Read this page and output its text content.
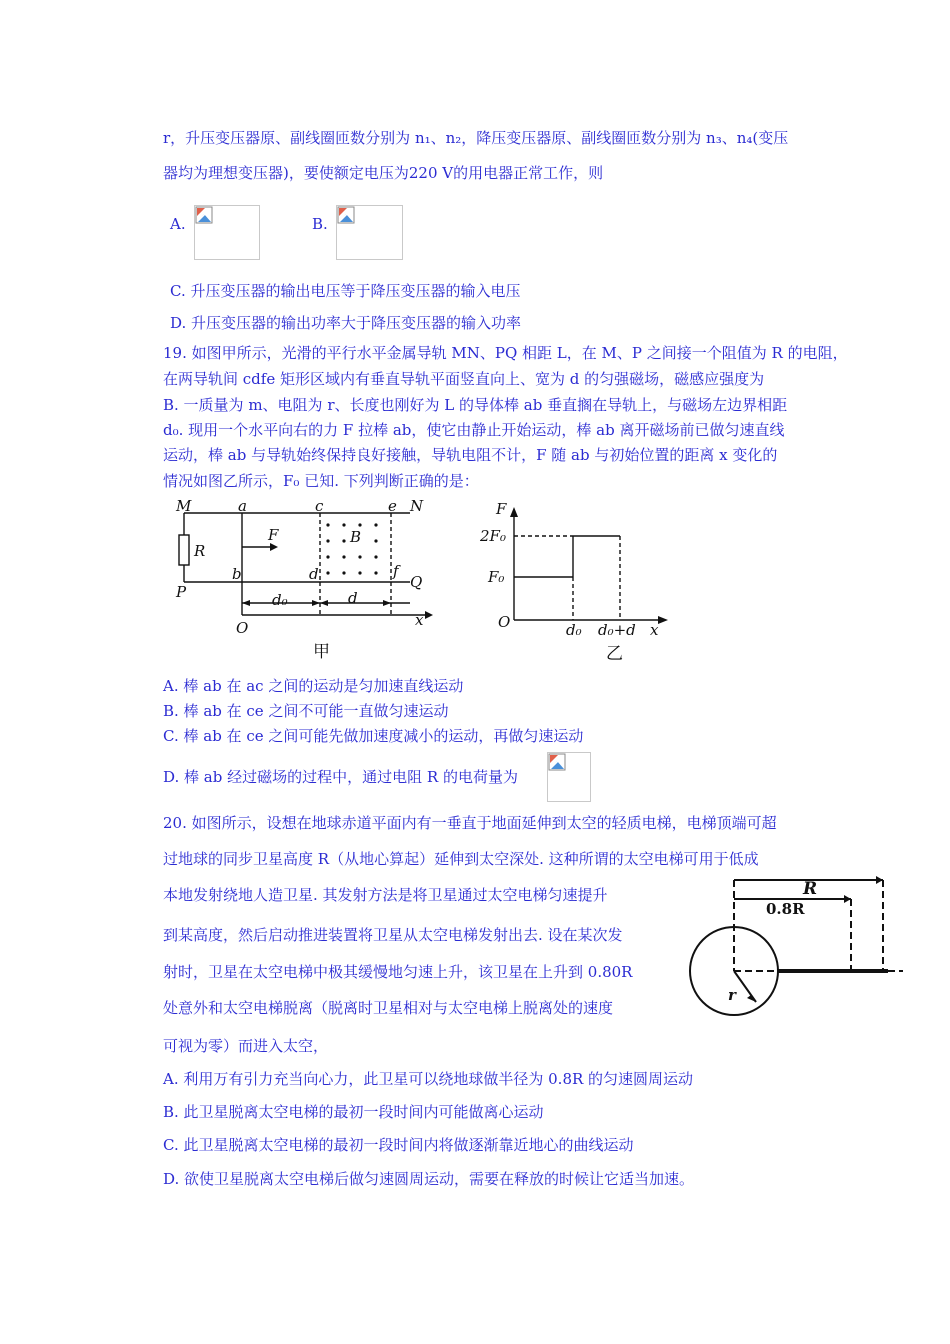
r，升压变压器原、副线圈匝数分别为 n₁、n₂，降压变压器原、副线圈匝数分别为 n₃、n₄(变压
器均为理想变压器)，要使额定电压为220 V的用电器正常工作，则
A.	B.
C. 升压变压器的输出电压等于降压变压器的输入电压
D. 升压变压器的输出功率大于降压变压器的输入功率
19. 如图甲所示，光滑的平行水平金属导轨 MN、PQ 相距 L，在 M、P 之间接一个阻值为 R 的电阻，
在两导轨间 cdfe 矩形区域内有垂直导轨平面竖直向上、宽为 d 的匀强磁场，磁感应强度为
B. 一质量为 m、电阻为 r、长度也刚好为 L 的导体棒 ab 垂直搁在导轨上，与磁场左边界相距
d₀. 现用一个水平向右的力 F 拉棒 ab，使它由静止开始运动，棒 ab 离开磁场前已做匀速直线
运动，棒 ab 与导轨始终保持良好接触，导轨电阻不计，F 随 ab 与初始位置的距离 x 变化的
情况如图乙所示，F₀ 已知. 下列判断正确的是：
M	a	c	e N
R
F	B
b	d	f
Q
P	d₀	d
O	x
甲
F
2F₀
F₀
O	d₀ d₀+d x
乙
A. 棒 ab 在 ac 之间的运动是匀加速直线运动
B. 棒 ab 在 ce 之间不可能一直做匀速运动
C. 棒 ab 在 ce 之间可能先做加速度减小的运动，再做匀速运动
D. 棒 ab 经过磁场的过程中，通过电阻 R 的电荷量为
20. 如图所示，设想在地球赤道平面内有一垂直于地面延伸到太空的轻质电梯，电梯顶端可超
过地球的同步卫星高度 R（从地心算起）延伸到太空深处. 这种所谓的太空电梯可用于低成
本地发射绕地人造卫星. 其发射方法是将卫星通过太空电梯匀速提升
到某高度，然后启动推进装置将卫星从太空电梯发射出去. 设在某次发
射时，卫星在太空电梯中极其缓慢地匀速上升，该卫星在上升到 0.80R
处意外和太空电梯脱离（脱离时卫星相对与太空电梯上脱离处的速度
可视为零）而进入太空，
R
0.8R
r
A. 利用万有引力充当向心力，此卫星可以绕地球做半径为 0.8R 的匀速圆周运动
B. 此卫星脱离太空电梯的最初一段时间内可能做离心运动
C. 此卫星脱离太空电梯的最初一段时间内将做逐渐靠近地心的曲线运动
D. 欲使卫星脱离太空电梯后做匀速圆周运动，需要在释放的时候让它适当加速。
